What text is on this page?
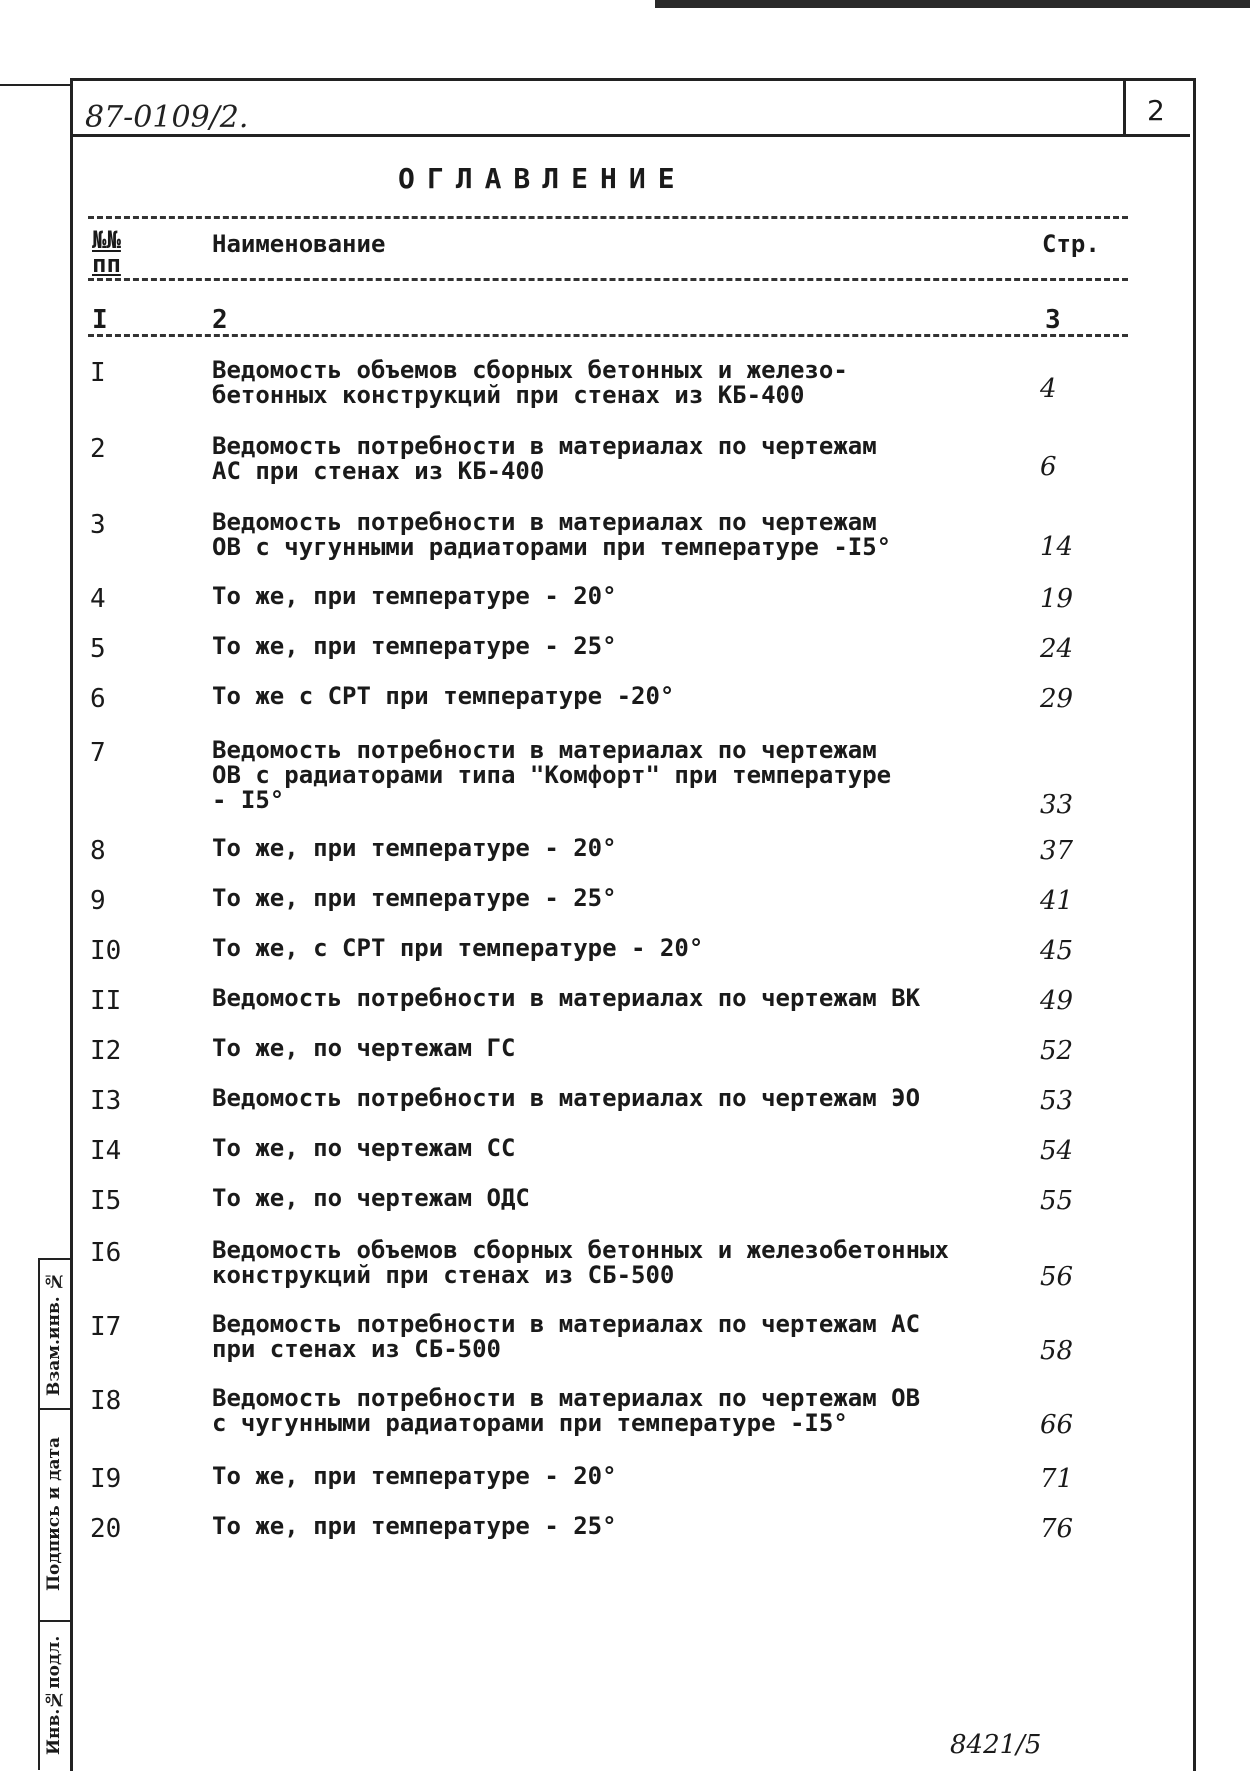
87-0109/2.	2
ОГЛАВЛЕНИЕ
№№
пп
Наименование	Стр.
I	2	3
I	Ведомость объемов сборных бетонных и железо-
бетонных конструкций при стенах из КБ-400	4
2	Ведомость потребности в материалах по чертежам
АС при стенах из КБ-400	6
3	Ведомость потребности в материалах по чертежам
ОВ с чугунными радиаторами при температуре -I5°	14
4	То же, при температуре - 20°	19
5	То же, при температуре - 25°	24
6	То же с СРТ при температуре -20°	29
7	Ведомость потребности в материалах по чертежам
ОВ с радиаторами типа "Комфорт" при температуре
- I5°	33
8	То же, при температуре - 20°	37
9	То же, при температуре - 25°	41
I0	То же, с СРТ при температуре - 20°	45
II	Ведомость потребности в материалах по чертежам ВК	49
I2	То же, по чертежам ГС	52
I3	Ведомость потребности в материалах по чертежам ЭО	53
I4	То же, по чертежам СС	54
I5	То же, по чертежам ОДС	55
I6	Ведомость объемов сборных бетонных и железобетонных
конструкций при стенах из СБ-500	56
I7	Ведомость потребности в материалах по чертежам АС
при стенах из СБ-500	58
I8	Ведомость потребности в материалах по чертежам ОВ
с чугунными радиаторами при температуре -I5°	66
I9	То же, при температуре - 20°	71
20	То же, при температуре - 25°	76
Инв.№подл.
Подпись и дата
Взам.инв. №
8421/5
